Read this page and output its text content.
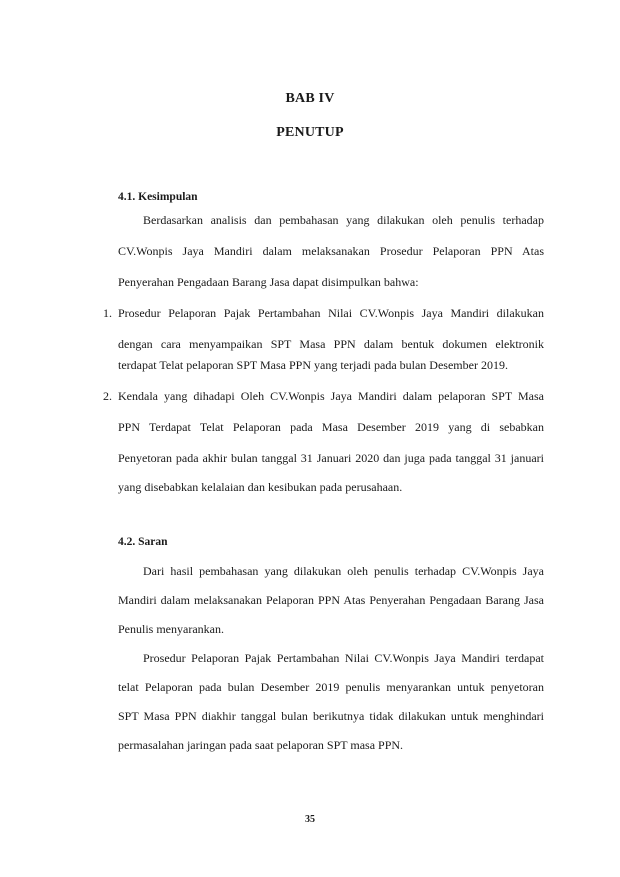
BAB IV
PENUTUP
4.1. Kesimpulan
Berdasarkan analisis dan pembahasan yang dilakukan oleh penulis terhadap
CV.Wonpis Jaya Mandiri dalam melaksanakan Prosedur Pelaporan PPN Atas
Penyerahan Pengadaan Barang Jasa dapat disimpulkan bahwa:
1. Prosedur Pelaporan Pajak Pertambahan Nilai CV.Wonpis Jaya Mandiri dilakukan
dengan cara menyampaikan SPT Masa PPN dalam bentuk dokumen elektronik
terdapat Telat pelaporan SPT Masa PPN yang terjadi pada bulan Desember 2019.
2. Kendala yang dihadapi Oleh CV.Wonpis Jaya Mandiri dalam pelaporan SPT Masa
PPN Terdapat Telat Pelaporan pada Masa Desember 2019 yang di sebabkan
Penyetoran pada akhir bulan tanggal 31 Januari 2020 dan juga pada tanggal 31 januari
yang disebabkan kelalaian dan kesibukan pada perusahaan.
4.2. Saran
Dari hasil pembahasan yang dilakukan oleh penulis terhadap CV.Wonpis Jaya
Mandiri dalam melaksanakan Pelaporan PPN Atas Penyerahan Pengadaan Barang Jasa
Penulis menyarankan.
Prosedur Pelaporan Pajak Pertambahan Nilai CV.Wonpis Jaya Mandiri terdapat
telat Pelaporan pada bulan Desember 2019 penulis menyarankan untuk penyetoran
SPT Masa PPN diakhir tanggal bulan berikutnya tidak dilakukan untuk menghindari
permasalahan jaringan pada saat pelaporan SPT masa PPN.
35
